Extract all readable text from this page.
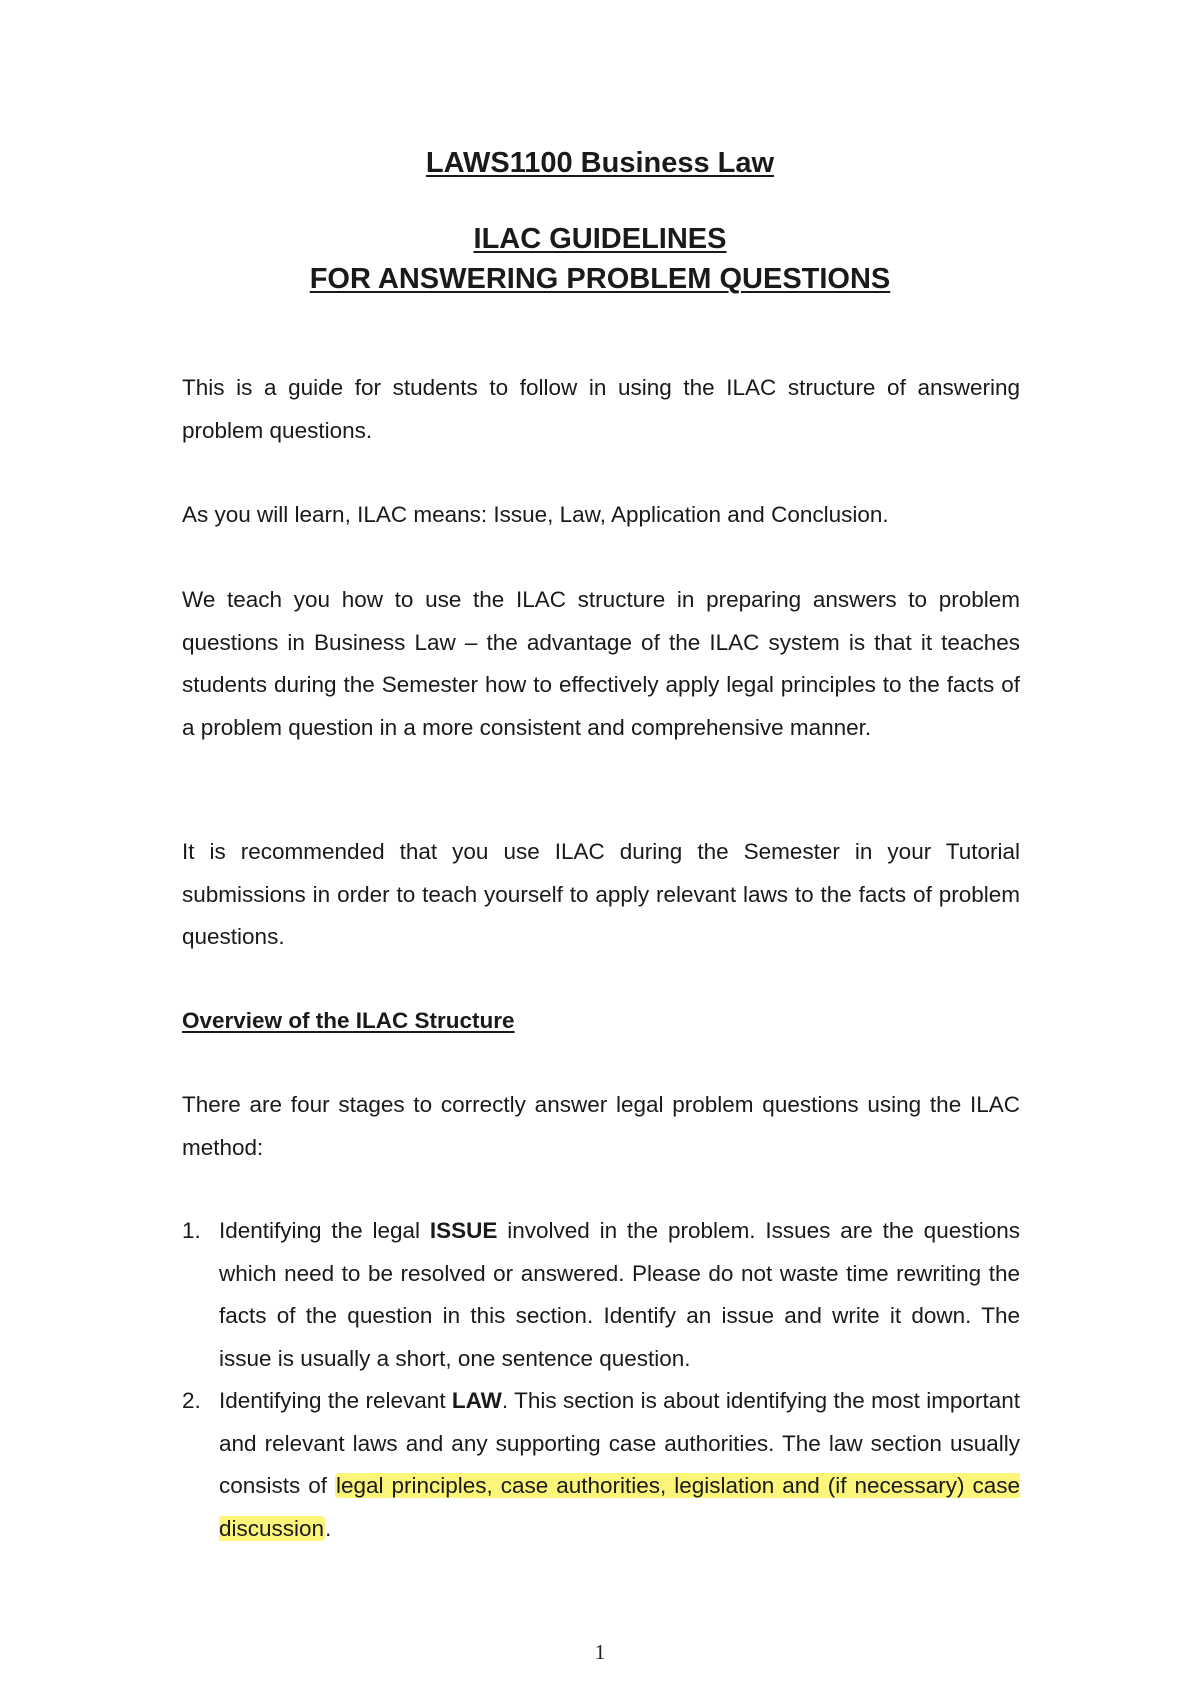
LAWS1100 Business Law
ILAC GUIDELINES
FOR ANSWERING PROBLEM QUESTIONS

This is a guide for students to follow in using the ILAC structure of answering problem questions.

As you will learn, ILAC means: Issue, Law, Application and Conclusion.

We teach you how to use the ILAC structure in preparing answers to problem questions in Business Law – the advantage of the ILAC system is that it teaches students during the Semester how to effectively apply legal principles to the facts of a problem question in a more consistent and comprehensive manner.

It is recommended that you use ILAC during the Semester in your Tutorial submissions in order to teach yourself to apply relevant laws to the facts of problem questions.

Overview of the ILAC Structure

There are four stages to correctly answer legal problem questions using the ILAC method:

1. Identifying the legal ISSUE involved in the problem. Issues are the questions which need to be resolved or answered. Please do not waste time rewriting the facts of the question in this section. Identify an issue and write it down. The issue is usually a short, one sentence question.
2. Identifying the relevant LAW. This section is about identifying the most important and relevant laws and any supporting case authorities. The law section usually consists of legal principles, case authorities, legislation and (if necessary) case discussion.
1
